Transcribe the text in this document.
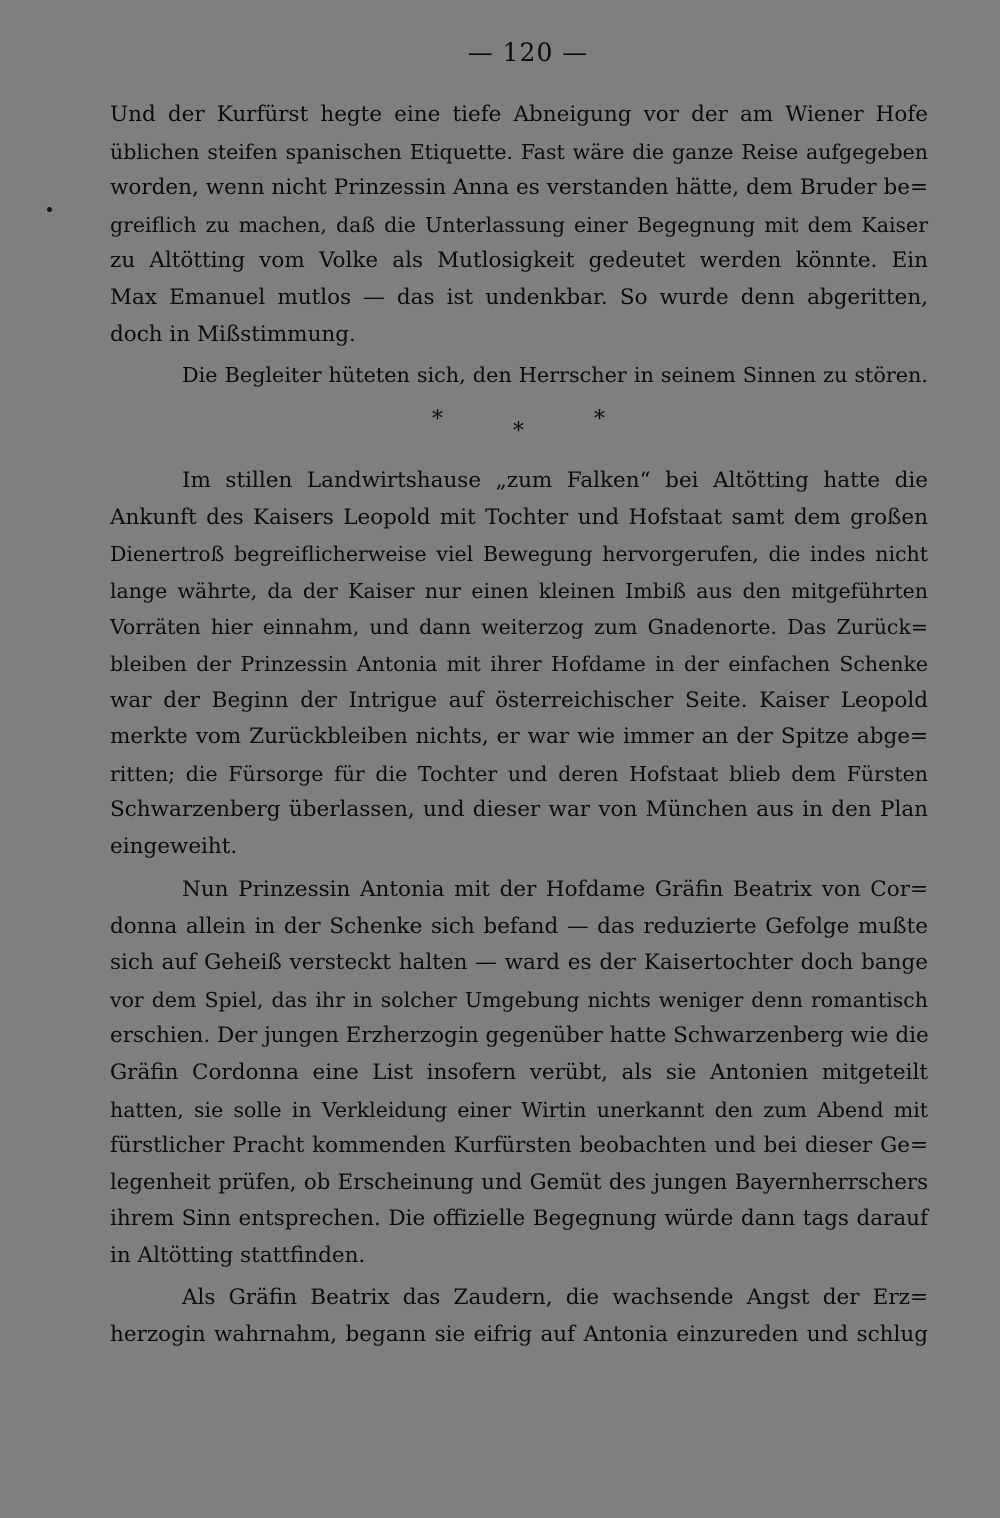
— 120 —
Und der Kurfürst hegte eine tiefe Abneigung vor der am Wiener Hofe
üblichen steifen spanischen Etiquette. Fast wäre die ganze Reise aufgegeben
worden, wenn nicht Prinzessin Anna es verstanden hätte, dem Bruder be=
greiflich zu machen, daß die Unterlassung einer Begegnung mit dem Kaiser
zu Altötting vom Volke als Mutlosigkeit gedeutet werden könnte. Ein
Max Emanuel mutlos — das ist undenkbar. So wurde denn abgeritten,
doch in Mißstimmung.
Die Begleiter hüteten sich, den Herrscher in seinem Sinnen zu stören.
*	*	*
Im stillen Landwirtshause „zum Falken“ bei Altötting hatte die
Ankunft des Kaisers Leopold mit Tochter und Hofstaat samt dem großen
Dienertroß begreiflicherweise viel Bewegung hervorgerufen, die indes nicht
lange währte, da der Kaiser nur einen kleinen Imbiß aus den mitgeführten
Vorräten hier einnahm, und dann weiterzog zum Gnadenorte. Das Zurück=
bleiben der Prinzessin Antonia mit ihrer Hofdame in der einfachen Schenke
war der Beginn der Intrigue auf österreichischer Seite. Kaiser Leopold
merkte vom Zurückbleiben nichts, er war wie immer an der Spitze abge=
ritten; die Fürsorge für die Tochter und deren Hofstaat blieb dem Fürsten
Schwarzenberg überlassen, und dieser war von München aus in den Plan
eingeweiht.
Nun Prinzessin Antonia mit der Hofdame Gräfin Beatrix von Cor=
donna allein in der Schenke sich befand — das reduzierte Gefolge mußte
sich auf Geheiß versteckt halten — ward es der Kaisertochter doch bange
vor dem Spiel, das ihr in solcher Umgebung nichts weniger denn romantisch
erschien. Der jungen Erzherzogin gegenüber hatte Schwarzenberg wie die
Gräfin Cordonna eine List insofern verübt, als sie Antonien mitgeteilt
hatten, sie solle in Verkleidung einer Wirtin unerkannt den zum Abend mit
fürstlicher Pracht kommenden Kurfürsten beobachten und bei dieser Ge=
legenheit prüfen, ob Erscheinung und Gemüt des jungen Bayernherrschers
ihrem Sinn entsprechen. Die offizielle Begegnung würde dann tags darauf
in Altötting stattfinden.
Als Gräfin Beatrix das Zaudern, die wachsende Angst der Erz=
herzogin wahrnahm, begann sie eifrig auf Antonia einzureden und schlug
